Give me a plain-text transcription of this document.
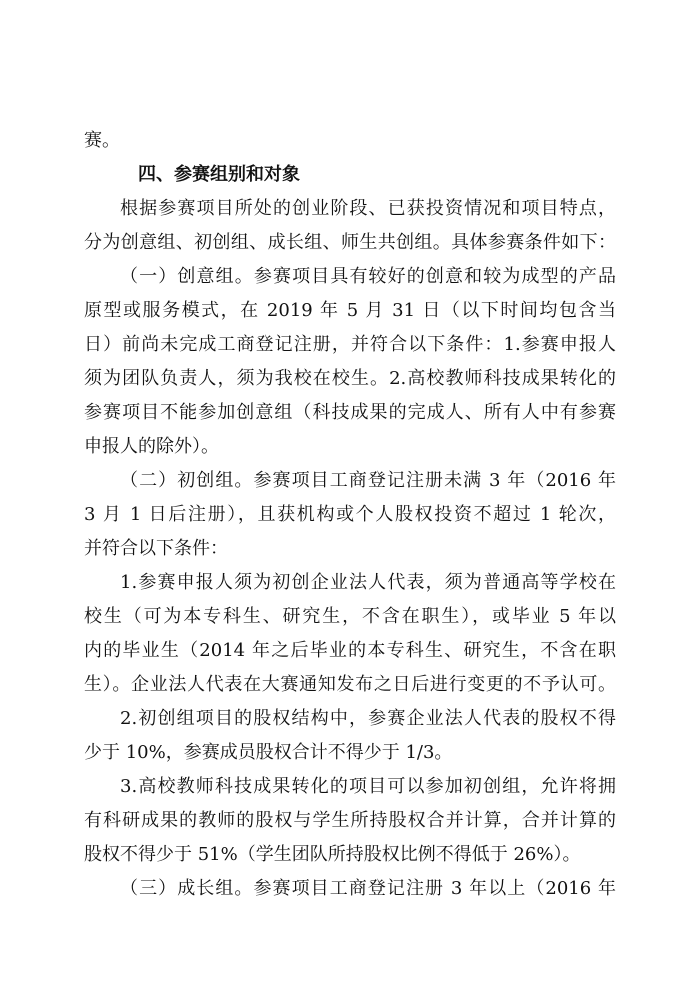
赛。
四、参赛组别和对象
根据参赛项目所处的创业阶段、已获投资情况和项目特点，
分为创意组、初创组、成长组、师生共创组。具体参赛条件如下：
（一）创意组。参赛项目具有较好的创意和较为成型的产品
原型或服务模式，在 2019 年 5 月 31 日（以下时间均包含当
日）前尚未完成工商登记注册，并符合以下条件：1.参赛申报人
须为团队负责人，须为我校在校生。2.高校教师科技成果转化的
参赛项目不能参加创意组（科技成果的完成人、所有人中有参赛
申报人的除外）。
（二）初创组。参赛项目工商登记注册未满 3 年（2016 年
3 月 1 日后注册），且获机构或个人股权投资不超过 1 轮次，
并符合以下条件：
1.参赛申报人须为初创企业法人代表，须为普通高等学校在
校生（可为本专科生、研究生，不含在职生），或毕业 5 年以
内的毕业生（2014 年之后毕业的本专科生、研究生，不含在职
生）。企业法人代表在大赛通知发布之日后进行变更的不予认可。
2.初创组项目的股权结构中，参赛企业法人代表的股权不得
少于 10%，参赛成员股权合计不得少于 1/3。
3.高校教师科技成果转化的项目可以参加初创组，允许将拥
有科研成果的教师的股权与学生所持股权合并计算，合并计算的
股权不得少于 51%（学生团队所持股权比例不得低于 26%）。
（三）成长组。参赛项目工商登记注册 3 年以上（2016 年
